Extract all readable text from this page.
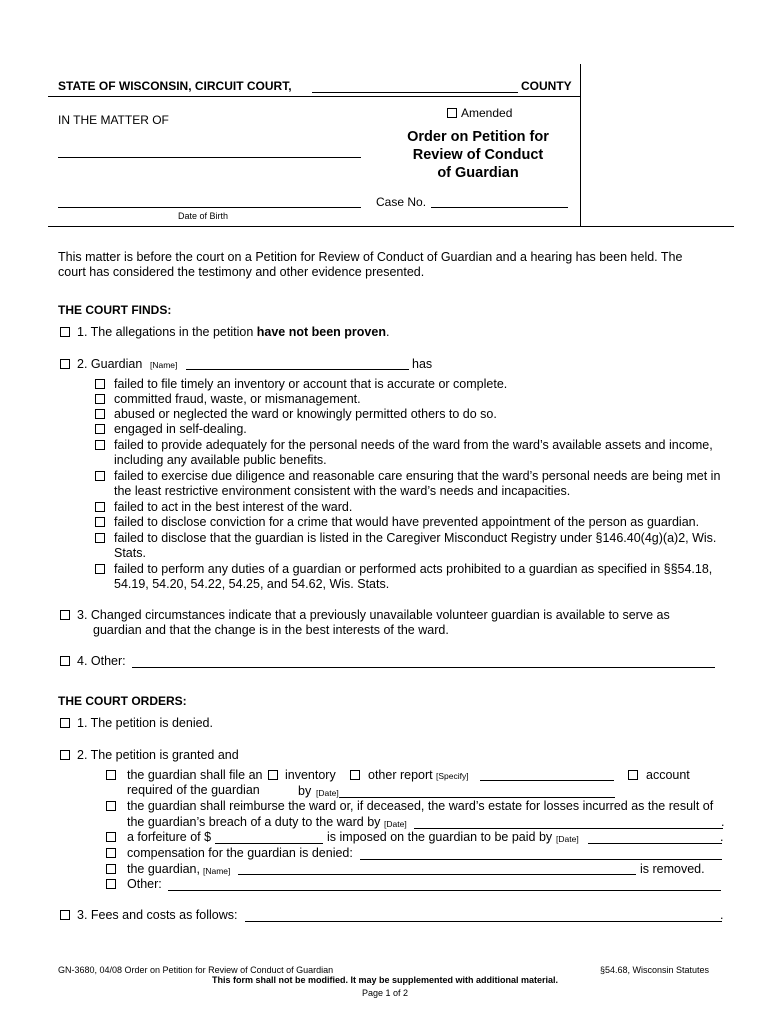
STATE OF WISCONSIN, CIRCUIT COURT,	COUNTY
IN THE MATTER OF
Date of Birth
Amended
Order on Petition for
Review of Conduct
of Guardian
Case No.
This matter is before the court on a Petition for Review of Conduct of Guardian and a hearing has been held. The
court has considered the testimony and other evidence presented.
THE COURT FINDS:
1. The allegations in the petition have not been proven.
2. Guardian [Name]	has
failed to file timely an inventory or account that is accurate or complete.
committed fraud, waste, or mismanagement.
abused or neglected the ward or knowingly permitted others to do so.
engaged in self-dealing.
failed to provide adequately for the personal needs of the ward from the ward’s available assets and income,
including any available public benefits.
failed to exercise due diligence and reasonable care ensuring that the ward’s personal needs are being met in
the least restrictive environment consistent with the ward’s needs and incapacities.
failed to act in the best interest of the ward.
failed to disclose conviction for a crime that would have prevented appointment of the person as guardian.
failed to disclose that the guardian is listed in the Caregiver Misconduct Registry under §146.40(4g)(a)2, Wis.
Stats.
failed to perform any duties of a guardian or performed acts prohibited to a guardian as specified in §§54.18,
54.19, 54.20, 54.22, 54.25, and 54.62, Wis. Stats.
3. Changed circumstances indicate that a previously unavailable volunteer guardian is available to serve as
guardian and that the change is in the best interests of the ward.
4. Other:
THE COURT ORDERS:
1. The petition is denied.
2. The petition is granted and
the guardian shall file an inventory	other report [Specify]	account
required of the guardian	by [Date]
the guardian shall reimburse the ward or, if deceased, the ward’s estate for losses incurred as the result of
the guardian’s breach of a duty to the ward by [Date]	.
a forfeiture of $	is imposed on the guardian to be paid by [Date]	.
compensation for the guardian is denied:
the guardian, [Name]	is removed.
Other:
3. Fees and costs as follows:	.
GN-3680, 04/08 Order on Petition for Review of Conduct of Guardian	§54.68, Wisconsin Statutes
This form shall not be modified. It may be supplemented with additional material.
Page 1 of 2
